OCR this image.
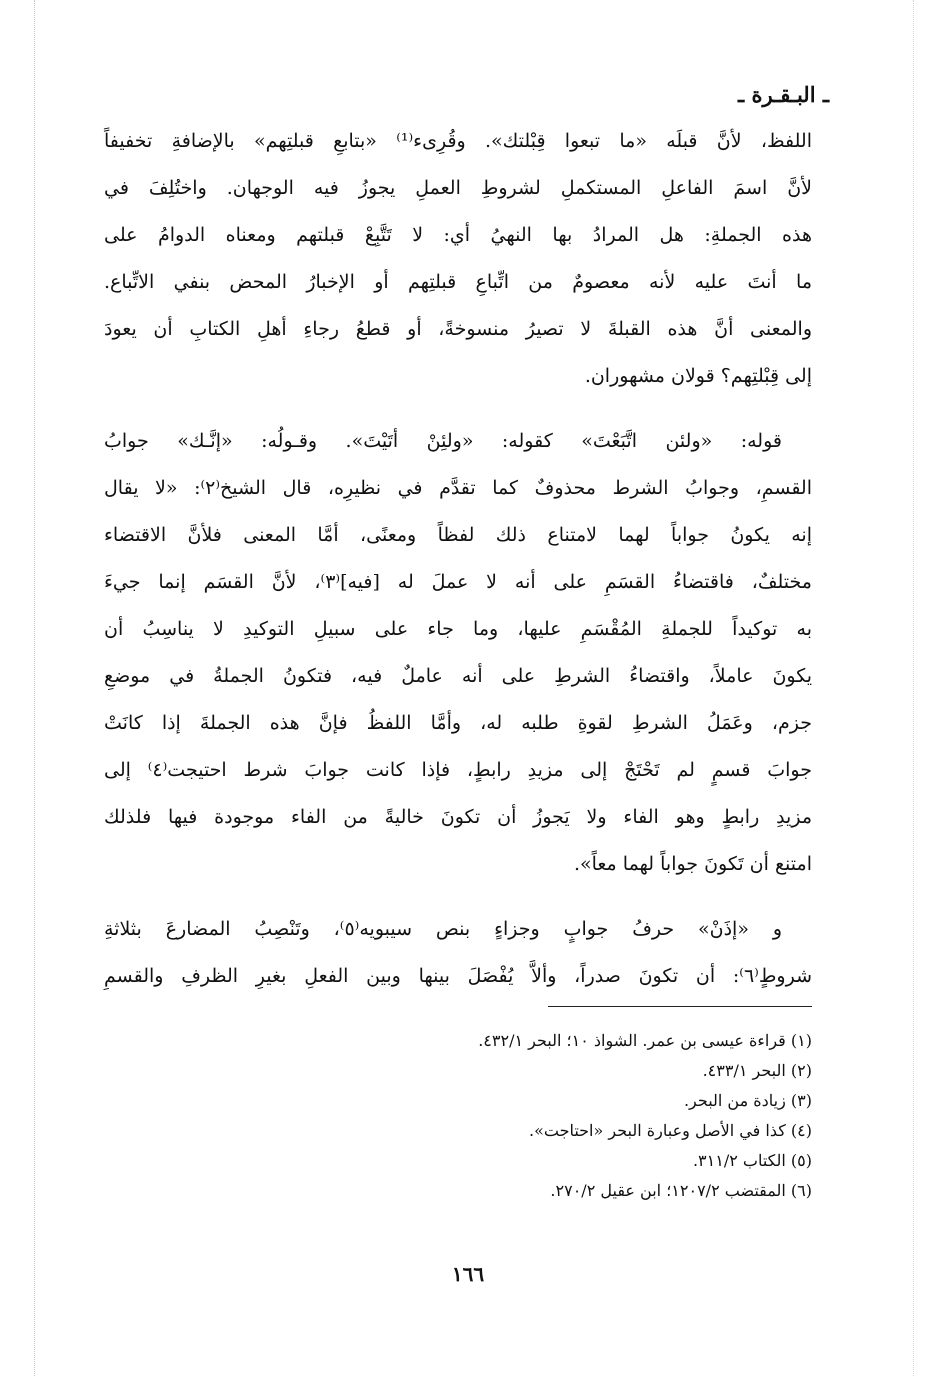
ـ البـقـرة ـ
اللفظ، لأنَّ قبلَه «ما تبعوا قِبْلتك». وقُرِىء⁽¹⁾ «بتابعِ قبلتِهم» بالإضافةِ تخفيفاً
لأنَّ اسمَ الفاعلِ المستكملِ لشروطِ العملِ يجوزُ فيه الوجهان. واختُلِفَ في
هذه الجملةِ: هل المرادُ بها النهيُ أي: لا تَتَّبِعْ قبلتهم ومعناه الدوامُ على
ما أنتَ عليه لأنه معصومٌ من اتِّباعِ قبلتِهم أو الإخبارُ المحض بنفي الاتِّباع.
والمعنى أنَّ هذه القبلةَ لا تصيرُ منسوخةً، أو قطعُ رجاءِ أهلِ الكتابِ أن يعودَ
إلى قِبْلتِهم؟ قولان مشهوران.
قوله: «ولئن اتَّبَعْتَ» كقوله: «ولئِنْ أتَيْتَ». وقـولُه: «إنَّـك» جوابُ
القسمِ، وجوابُ الشرط محذوفٌ كما تقدَّم في نظيرِه، قال الشيخ⁽٢⁾: «لا يقال
إنه يكونُ جواباً لهما لامتناع ذلك لفظاً ومعنًى، أمَّا المعنى فلأنَّ الاقتضاء
مختلفٌ، فاقتضاءُ القسَمِ على أنه لا عملَ له [فيه]⁽٣⁾، لأنَّ القسَم إنما جيءَ
به توكيداً للجملةِ المُقْسَمِ عليها، وما جاء على سبيلِ التوكيدِ لا يناسِبُ أن
يكونَ عاملاً، واقتضاءُ الشرطِ على أنه عاملٌ فيه، فتكونُ الجملةُ في موضعِ
جزم، وعَمَلُ الشرطِ لقوةِ طلبه له، وأمَّا اللفظُ فإنَّ هذه الجملةَ إذا كانَتْ
جوابَ قسمٍ لم تَحْتَجْ إلى مزيدِ رابطٍ، فإذا كانت جوابَ شرط احتيجت⁽٤⁾ إلى
مزيدِ رابطٍ وهو الفاء ولا يَجوزُ أن تكونَ خاليةً من الفاء موجودة فيها فلذلك
امتنع أن تَكونَ جواباً لهما معاً».
و «إذَنْ» حرفُ جوابٍ وجزاءٍ بنص سيبويه⁽٥⁾، وتَنْصِبُ المضارعَ بثلاثةِ
شروطٍ⁽٦⁾: أن تكونَ صدراً، وألاَّ يُفْصَلَ بينها وبين الفعلِ بغيرِ الظرفِ والقسمِ
(١) قراءة عيسى بن عمر. الشواذ ١٠؛ البحر ٤٣٢/١.
(٢) البحر ٤٣٣/١.
(٣) زيادة من البحر.
(٤) كذا في الأصل وعبارة البحر «احتاجت».
(٥) الكتاب ٣١١/٢.
(٦) المقتضب ١٢٠٧/٢؛ ابن عقيل ٢٧٠/٢.
١٦٦
